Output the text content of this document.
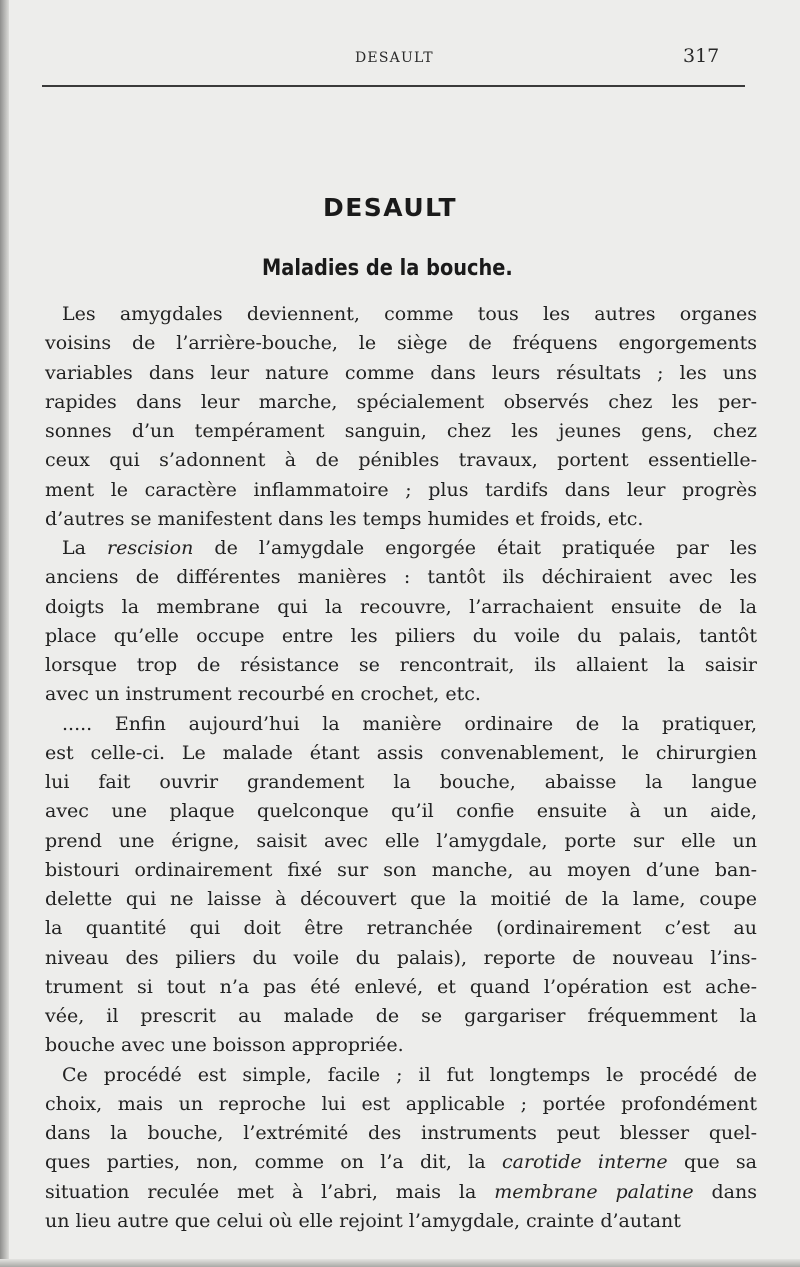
DESAULT	317
DESAULT
Maladies de la bouche.
Les amygdales deviennent, comme tous les autres organes
voisins de l’arrière-bouche, le siège de fréquens engorgements
variables dans leur nature comme dans leurs résultats ; les uns
rapides dans leur marche, spécialement observés chez les per-
sonnes d’un tempérament sanguin, chez les jeunes gens, chez
ceux qui s’adonnent à de pénibles travaux, portent essentielle-
ment le caractère inflammatoire ; plus tardifs dans leur progrès
d’autres se manifestent dans les temps humides et froids, etc.
La rescision de l’amygdale engorgée était pratiquée par les
anciens de différentes manières : tantôt ils déchiraient avec les
doigts la membrane qui la recouvre, l’arrachaient ensuite de la
place qu’elle occupe entre les piliers du voile du palais, tantôt
lorsque trop de résistance se rencontrait, ils allaient la saisir
avec un instrument recourbé en crochet, etc.
..... Enfin aujourd’hui la manière ordinaire de la pratiquer,
est celle-ci. Le malade étant assis convenablement, le chirurgien
lui fait ouvrir grandement la bouche, abaisse la langue
avec une plaque quelconque qu’il confie ensuite à un aide,
prend une érigne, saisit avec elle l’amygdale, porte sur elle un
bistouri ordinairement fixé sur son manche, au moyen d’une ban-
delette qui ne laisse à découvert que la moitié de la lame, coupe
la quantité qui doit être retranchée (ordinairement c’est au
niveau des piliers du voile du palais), reporte de nouveau l’ins-
trument si tout n’a pas été enlevé, et quand l’opération est ache-
vée, il prescrit au malade de se gargariser fréquemment la
bouche avec une boisson appropriée.
Ce procédé est simple, facile ; il fut longtemps le procédé de
choix, mais un reproche lui est applicable ; portée profondément
dans la bouche, l’extrémité des instruments peut blesser quel-
ques parties, non, comme on l’a dit, la carotide interne que sa
situation reculée met à l’abri, mais la membrane palatine dans
un lieu autre que celui où elle rejoint l’amygdale, crainte d’autant
